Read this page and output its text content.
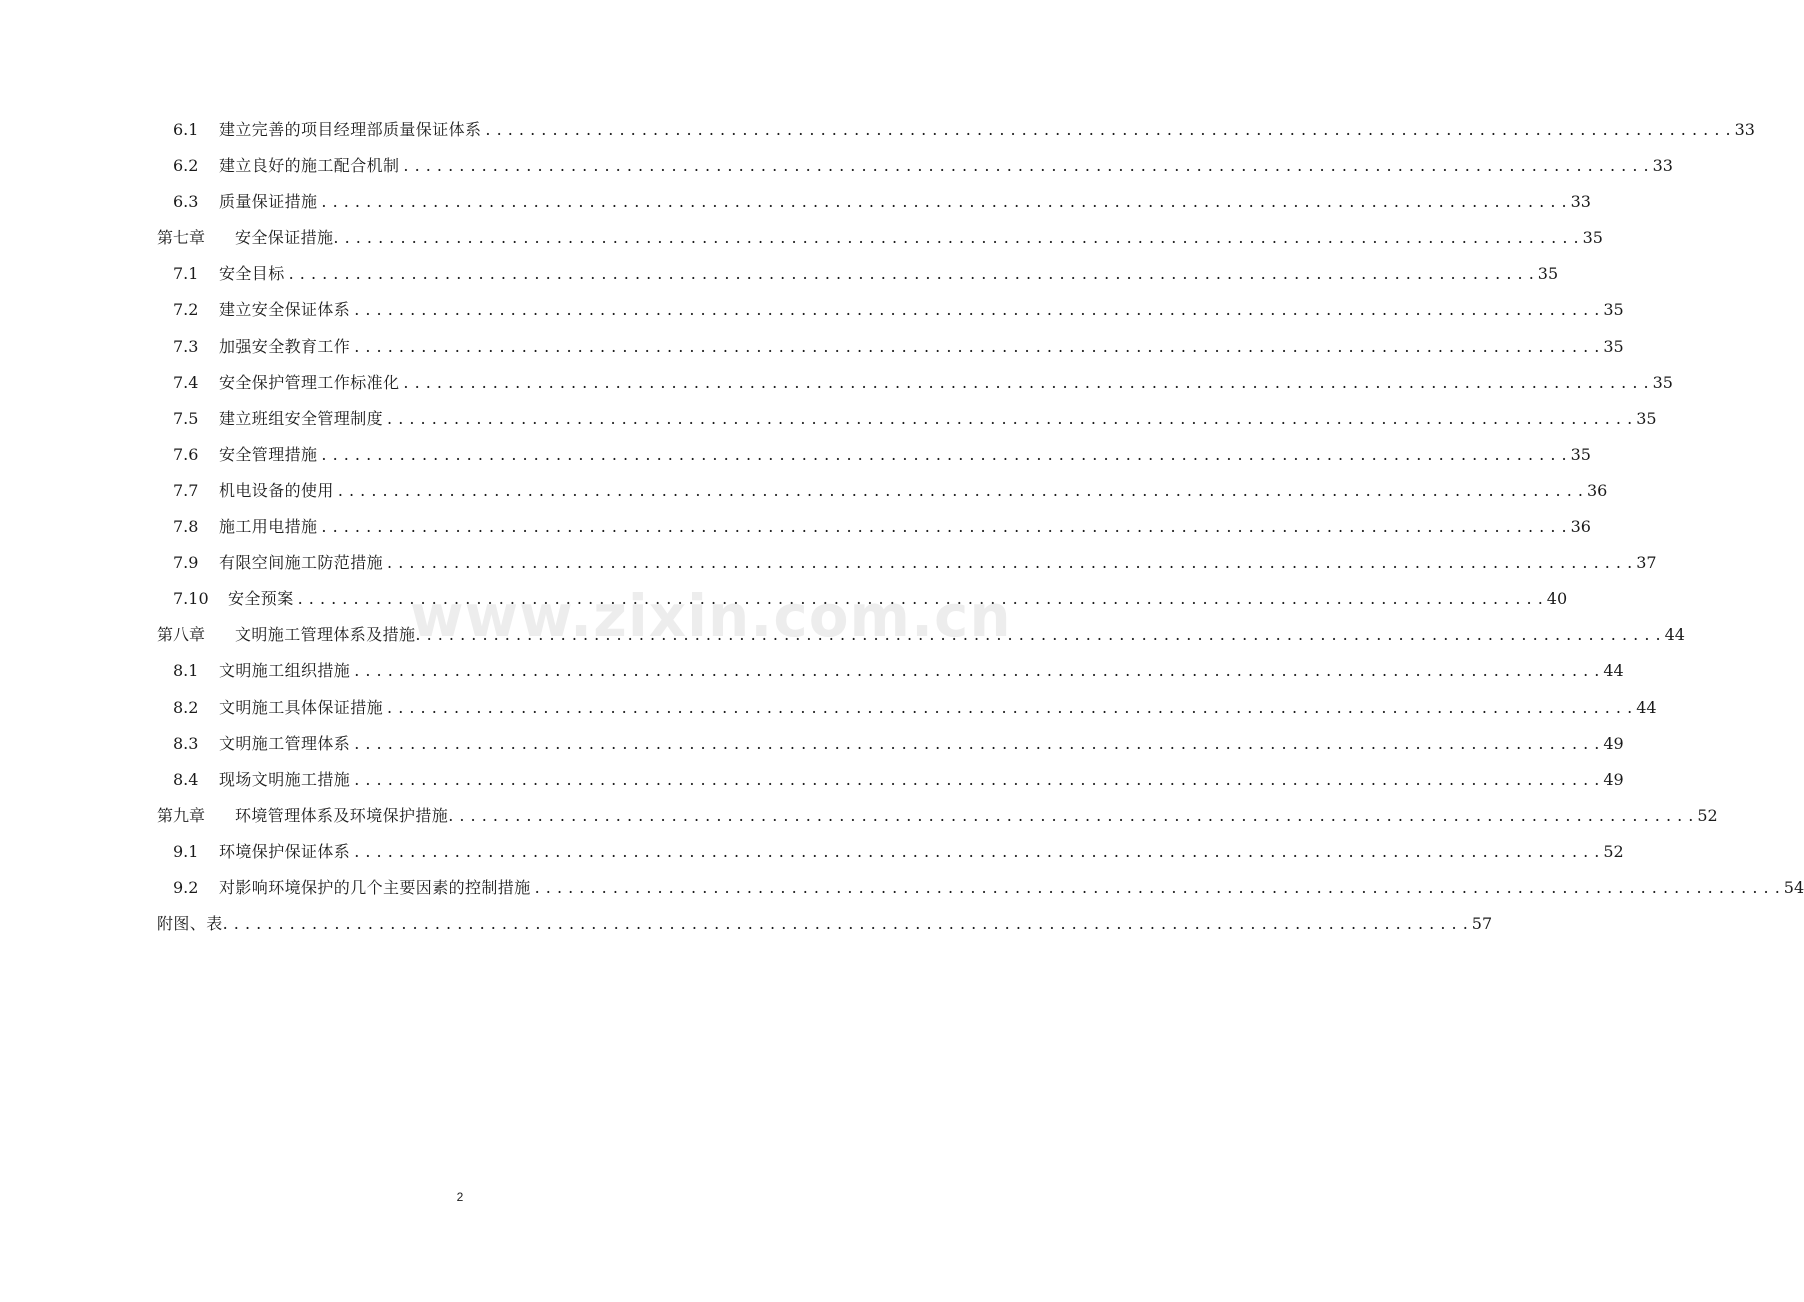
6.1	建立完善的项目经理部质量保证体系 . . .	33
6.2	建立良好的施工配合机制 . . .	33
6.3	质量保证措施 . . .	33
第七章	安全保证措施 . . .	35
7.1	安全目标 . . .	35
7.2	建立安全保证体系 . . .	35
7.3	加强安全教育工作 . . .	35
7.4	安全保护管理工作标准化 . . .	35
7.5	建立班组安全管理制度 . . .	35
7.6	安全管理措施 . . .	35
7.7	机电设备的使用 . . .	36
7.8	施工用电措施 . . .	36
7.9	有限空间施工防范措施 . . .	37
7.10	安全预案 . . .	40
第八章	文明施工管理体系及措施 . . .	44
8.1	文明施工组织措施 . . .	44
8.2	文明施工具体保证措施 . . .	44
8.3	文明施工管理体系 . . .	49
8.4	现场文明施工措施 . . .	49
第九章	环境管理体系及环境保护措施 . . .	52
9.1	环境保护保证体系 . . .	52
9.2	对影响环境保护的几个主要因素的控制措施 . . .	54
附图、表 . . .	57
www.zixin.com.cn
2
